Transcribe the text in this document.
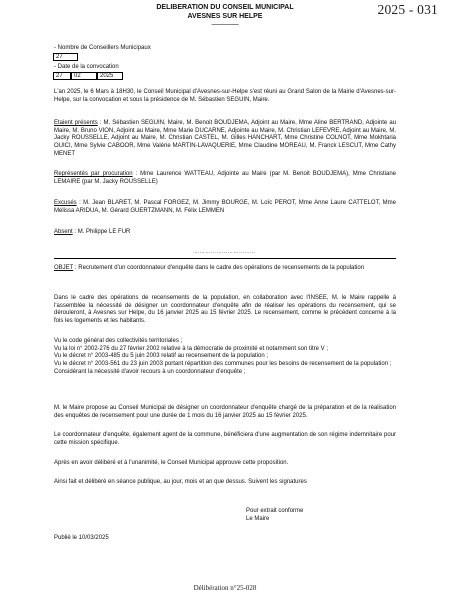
2025 - 031
DELIBERATION DU CONSEIL MUNICIPAL
AVESNES SUR HELPE
————
- Nombre de Conseillers Municipaux
27
- Date de la convocation
27	02	2025
L'an 2025, le 6 Mars à 18H30, le Conseil Municipal d'Avesnes-sur-Helpe s'est réuni au Grand Salon de la Mairie d'Avesnes-sur-Helpe, sur la convocation et sous la présidence de M. Sébastien SEGUIN, Maire.
Etaient présents : M. Sébastien SEGUIN, Maire, M. Benoit BOUDJEMA, Adjoint au Maire, Mme Aline BERTRAND, Adjointe au Maire, M. Bruno VION, Adjoint au Maire, Mme Marie DUCARNE, Adjointe au Maire, M. Christian LEFEVRE, Adjoint au Maire, M. Jacky ROUSSELLE, Adjoint au Maire, M. Christian CASTEL, M. Gilles HANCHART, Mme Christine COLNOT, Mme Mokhtaria OUICI, Mme Sylvie CABOOR, Mme Valérie MARTIN-LAVAQUERIE, Mme Claudine MOREAU, M. Franck LESCUT, Mme Cathy MENET
Représentés par procuration : Mme Laurence WATTEAU, Adjointe au Maire (par M. Benoit BOUDJEMA), Mme Christiane LEMAIRE (par M. Jacky ROUSSELLE)
Excusés : M. Jean BLARET, M. Pascal FORGEZ, M. Jimmy BOURGE, M. Loïc PEROT, Mme Anne Laure CATTELOT, Mme Mélissa ARIDUA, M. Gérard GUERTZMANN, M. Félix LEMMEN
Absent : M. Philippe LE FUR
……………………………
OBJET : Recrutement d'un coordonnateur d'enquête dans le cadre des opérations de recensements de la population
Dans le cadre des opérations de recensements de la population, en collaboration avec l'INSEE, M. le Maire rappelle à l'assemblée la nécessité de désigner un coordonnateur d'enquête afin de réaliser les opérations du recensement, qui se dérouleront, à Avesnes sur Helpe, du 16 janvier 2025 au 15 février 2025. Le recensement, comme le précédent concerne à la fois les logements et les habitants.
Vu le code général des collectivités territoriales ;
Vu la loi n° 2002-276 du 27 février 2002 relative à la démocratie de proximité et notamment son titre V ;
Vu le décret n° 2003-485 du 5 juin 2003 relatif au recensement de la population ;
Vu le décret n° 2003-561 du 23 juin 2003 portant répartition des communes pour les besoins de recensement de la population ;
Considérant la nécessité d'avoir recours à un coordonnateur d'enquête ;
M. le Maire propose au Conseil Municipal de désigner un coordonnateur d'enquête chargé de la préparation et de la réalisation des enquêtes de recensement pour une durée de 1 mois du 16 janvier 2025 au 15 février 2025.
Le coordonnateur d'enquête, également agent de la commune, bénéficiera d'une augmentation de son régime indemnitaire pour cette mission spécifique.
Après en avoir délibéré et à l'unanimité, le Conseil Municipal approuve cette proposition.
Ainsi fait et délibéré en séance publique, au jour, mois et an que dessus. Suivent les signatures
Pour extrait conforme
Le Maire
Publié le 10/03/2025
Délibération n°25-028
